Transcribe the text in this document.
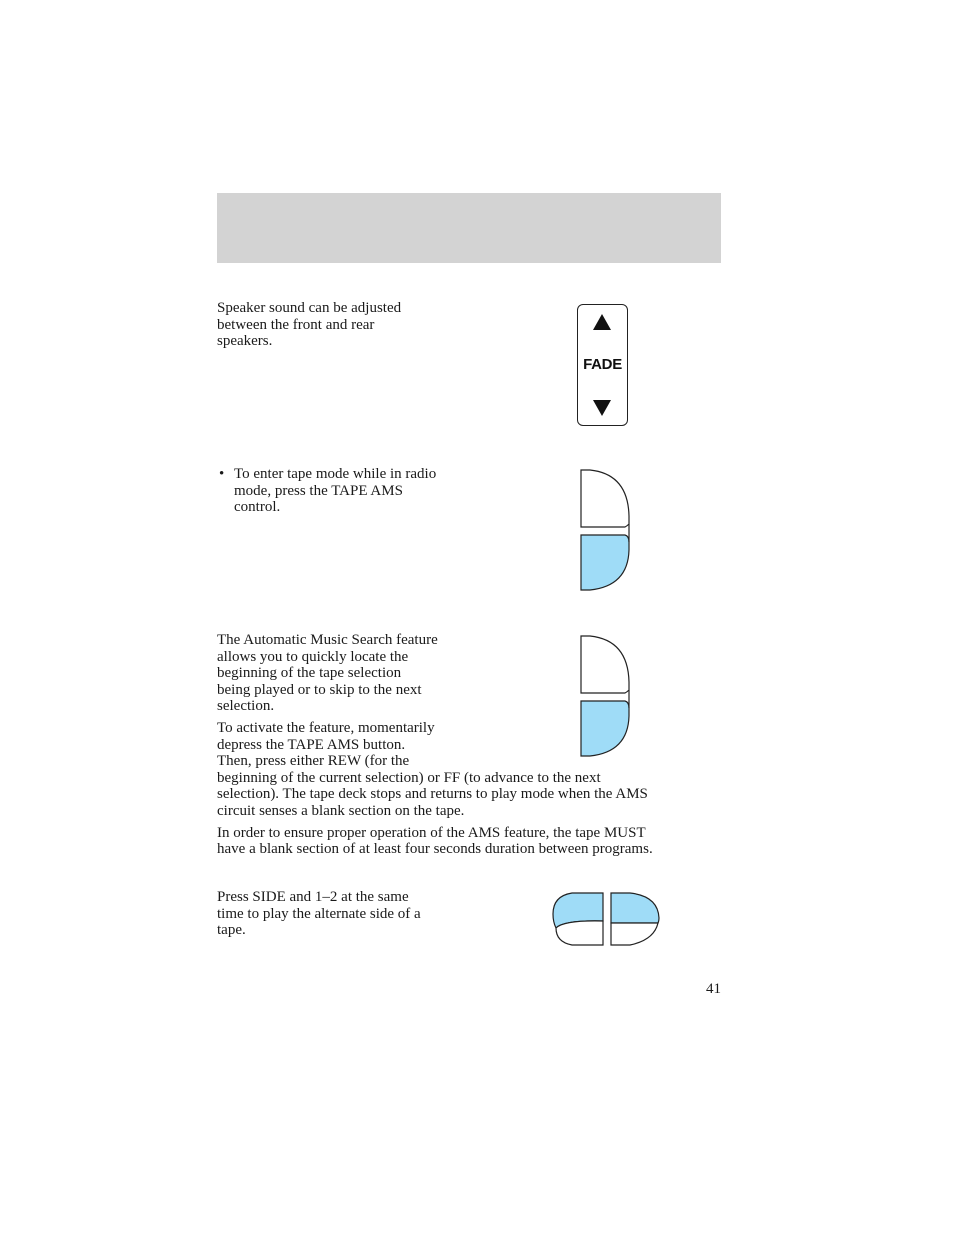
Speaker sound can be adjusted
between the front and rear
speakers.

FADE
• To enter tape mode while in radio
mode, press the TAPE AMS
control.

The Automatic Music Search feature
allows you to quickly locate the
beginning of the tape selection
being played or to skip to the next
selection.

To activate the feature, momentarily
depress the TAPE AMS button.
Then, press either REW (for the
beginning of the current selection) or FF (to advance to the next
selection). The tape deck stops and returns to play mode when the AMS
circuit senses a blank section on the tape.

In order to ensure proper operation of the AMS feature, the tape MUST
have a blank section of at least four seconds duration between programs.

Press SIDE and 1–2 at the same
time to play the alternate side of a
tape.

41
